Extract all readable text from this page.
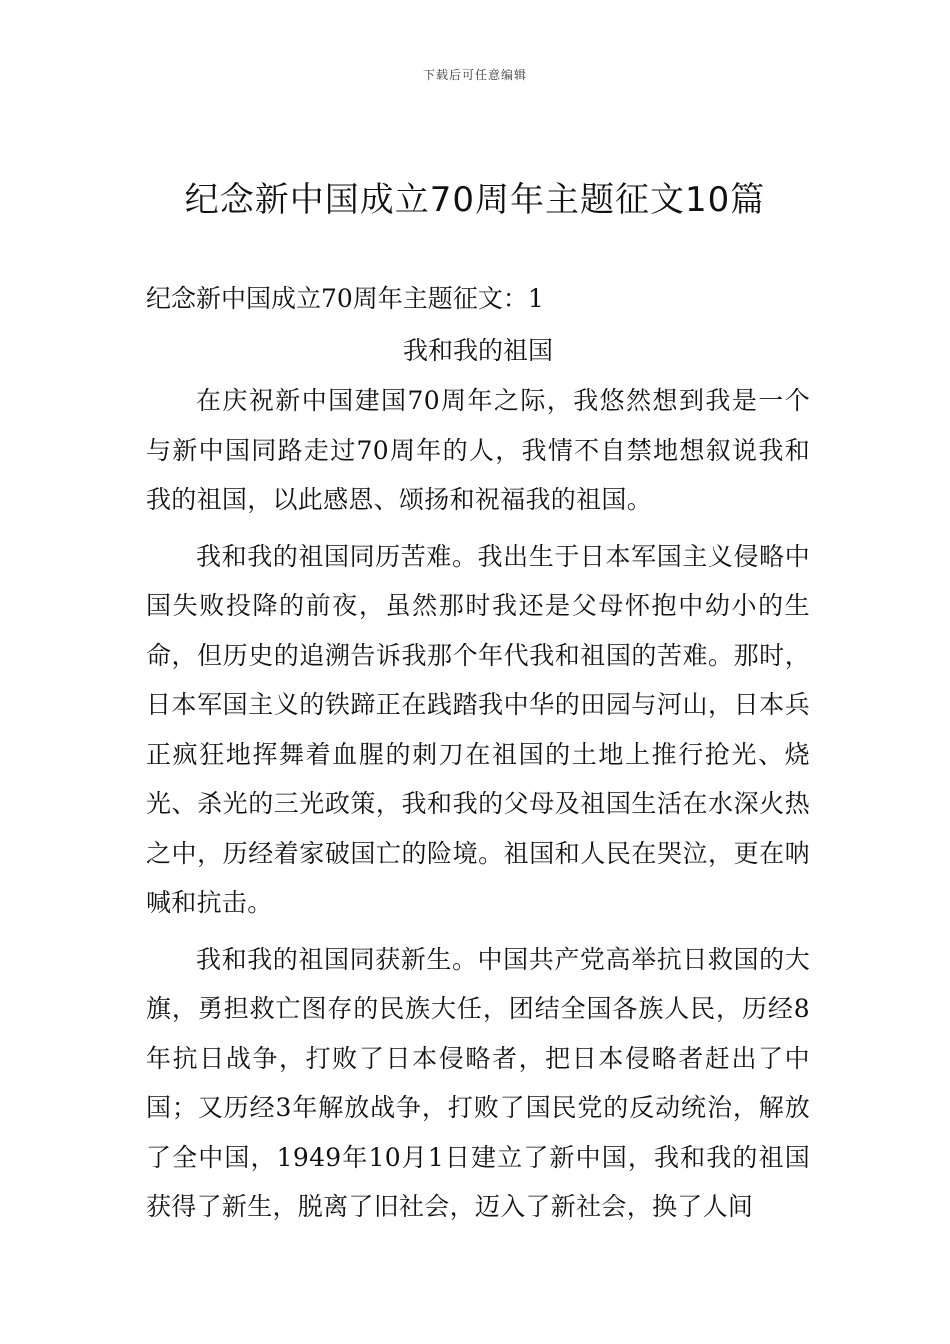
下载后可任意编辑
纪念新中国成立70周年主题征文10篇
纪念新中国成立70周年主题征文：1
我和我的祖国

在庆祝新中国建国70周年之际，我悠然想到我是一个与新中国同路走过70周年的人，我情不自禁地想叙说我和我的祖国，以此感恩、颂扬和祝福我的祖国。

我和我的祖国同历苦难。我出生于日本军国主义侵略中国失败投降的前夜，虽然那时我还是父母怀抱中幼小的生命，但历史的追溯告诉我那个年代我和祖国的苦难。那时，日本军国主义的铁蹄正在践踏我中华的田园与河山，日本兵正疯狂地挥舞着血腥的刺刀在祖国的土地上推行抢光、烧光、杀光的三光政策，我和我的父母及祖国生活在水深火热之中，历经着家破国亡的险境。祖国和人民在哭泣，更在呐喊和抗击。

我和我的祖国同获新生。中国共产党高举抗日救国的大旗，勇担救亡图存的民族大任，团结全国各族人民，历经8年抗日战争，打败了日本侵略者，把日本侵略者赶出了中国；又历经3年解放战争，打败了国民党的反动统治，解放了全中国，1949年10月1日建立了新中国，我和我的祖国获得了新生，脱离了旧社会，迈入了新社会，换了人间
